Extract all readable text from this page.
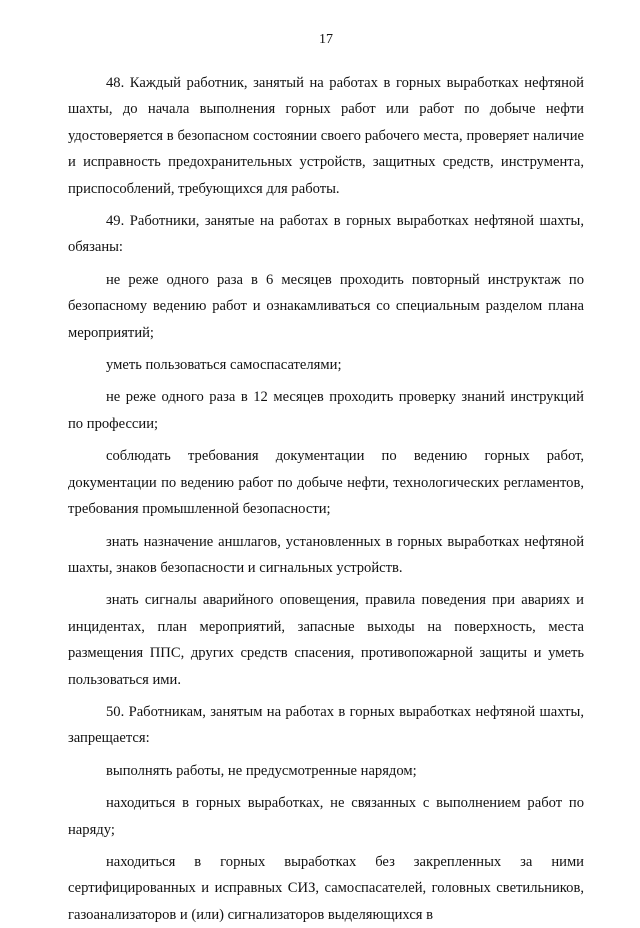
17

48. Каждый работник, занятый на работах в горных выработках нефтяной шахты, до начала выполнения горных работ или работ по добыче нефти удостоверяется в безопасном состоянии своего рабочего места, проверяет наличие и исправность предохранительных устройств, защитных средств, инструмента, приспособлений, требующихся для работы.

49. Работники, занятые на работах в горных выработках нефтяной шахты, обязаны:

не реже одного раза в 6 месяцев проходить повторный инструктаж по безопасному ведению работ и ознакамливаться со специальным разделом плана мероприятий;

уметь пользоваться самоспасателями;

не реже одного раза в 12 месяцев проходить проверку знаний инструкций по профессии;

соблюдать требования документации по ведению горных работ, документации по ведению работ по добыче нефти, технологических регламентов, требования промышленной безопасности;

знать назначение аншлагов, установленных в горных выработках нефтяной шахты, знаков безопасности и сигнальных устройств.

знать сигналы аварийного оповещения, правила поведения при авариях и инцидентах, план мероприятий, запасные выходы на поверхность, места размещения ППС, других средств спасения, противопожарной защиты и уметь пользоваться ими.

50. Работникам, занятым на работах в горных выработках нефтяной шахты, запрещается:

выполнять работы, не предусмотренные нарядом;

находиться в горных выработках, не связанных с выполнением работ по наряду;

находиться в горных выработках без закрепленных за ними сертифицированных и исправных СИЗ, самоспасателей, головных светильников, газоанализаторов и (или) сигнализаторов выделяющихся в
